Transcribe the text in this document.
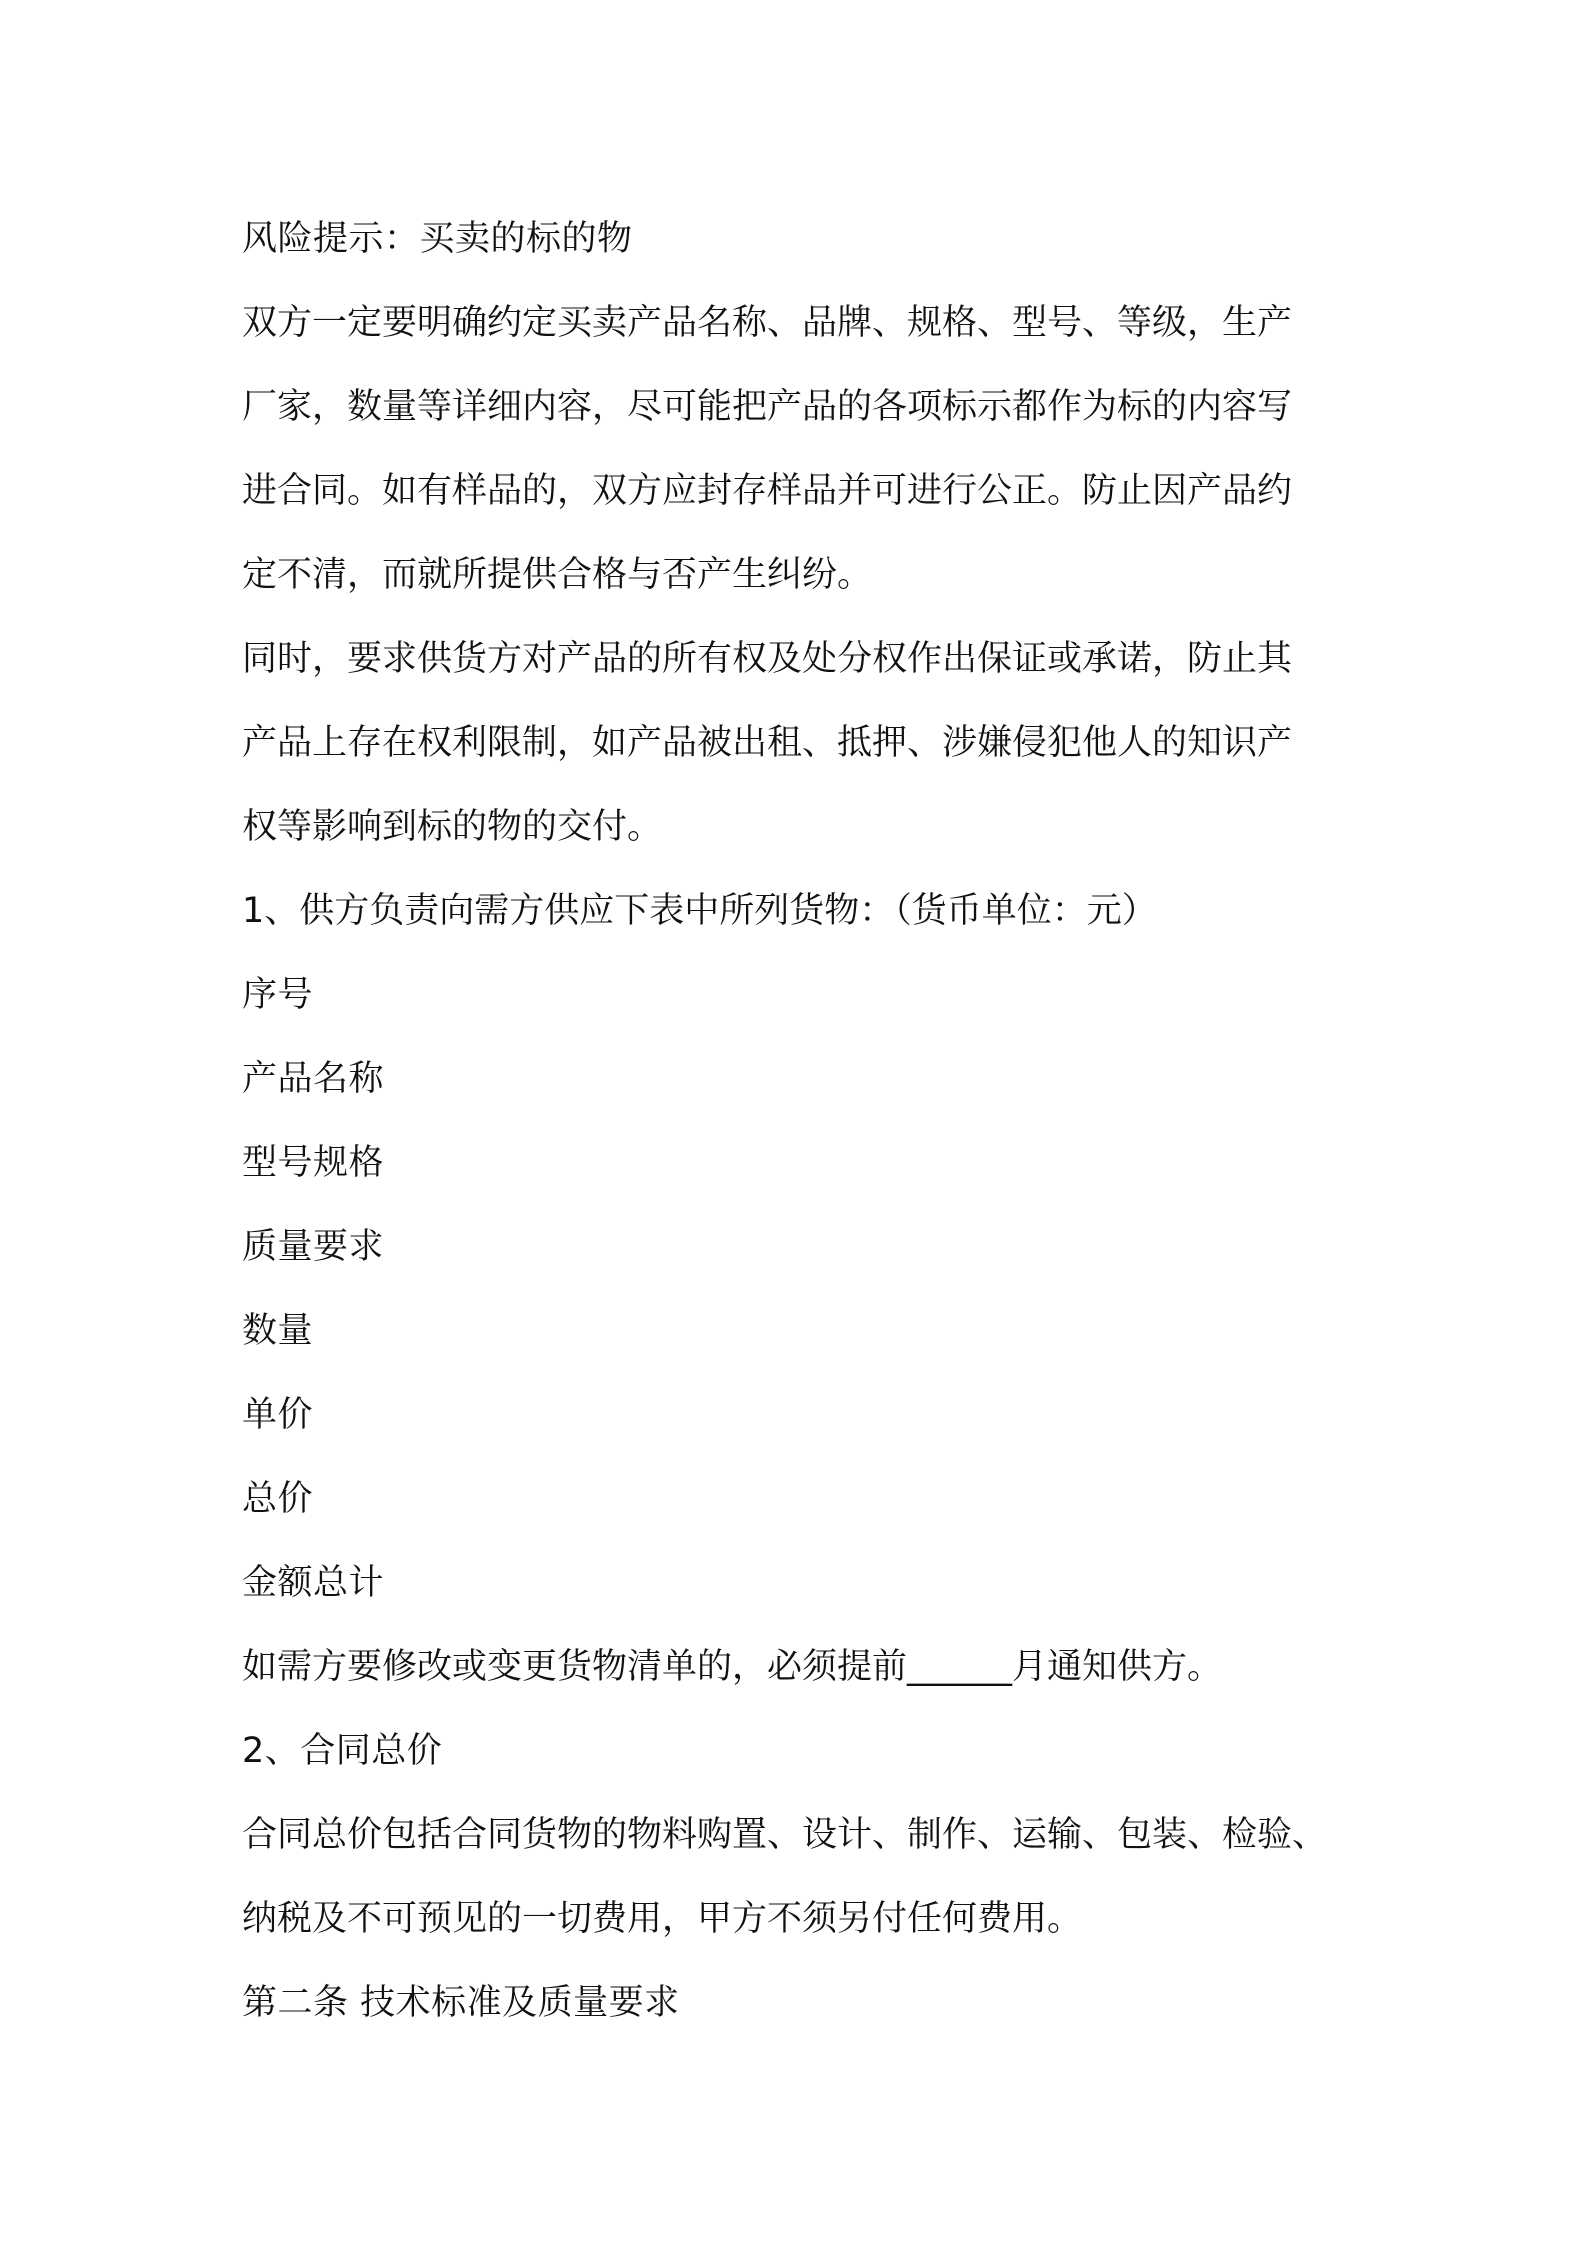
风险提示：买卖的标的物
双方一定要明确约定买卖产品名称、品牌、规格、型号、等级，生产
厂家，数量等详细内容，尽可能把产品的各项标示都作为标的内容写
进合同。如有样品的，双方应封存样品并可进行公正。防止因产品约
定不清，而就所提供合格与否产生纠纷。
同时，要求供货方对产品的所有权及处分权作出保证或承诺，防止其
产品上存在权利限制，如产品被出租、抵押、涉嫌侵犯他人的知识产
权等影响到标的物的交付。
1、供方负责向需方供应下表中所列货物：（货币单位：元）
序号
产品名称
型号规格
质量要求
数量
单价
总价
金额总计
如需方要修改或变更货物清单的，必须提前______月通知供方。
2、合同总价
合同总价包括合同货物的物料购置、设计、制作、运输、包装、检验、
纳税及不可预见的一切费用，甲方不须另付任何费用。
第二条 技术标准及质量要求
